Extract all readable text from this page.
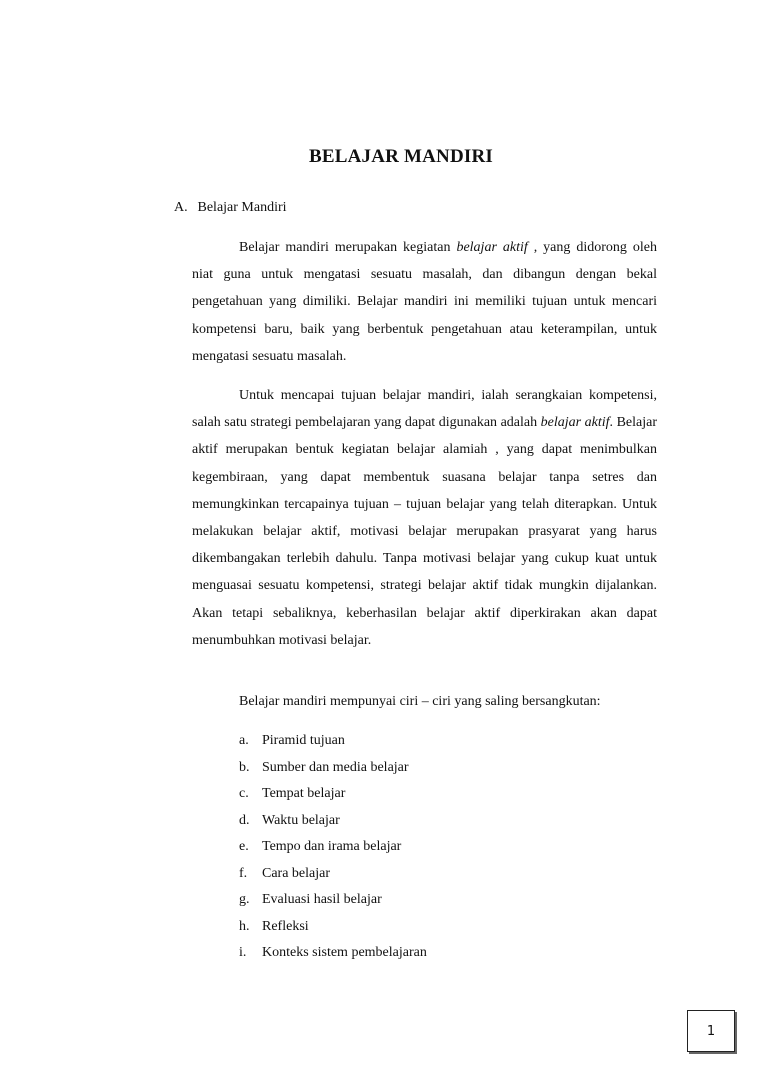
BELAJAR MANDIRI
A. Belajar Mandiri

Belajar mandiri merupakan kegiatan belajar aktif , yang didorong oleh niat guna untuk mengatasi sesuatu masalah, dan dibangun dengan bekal pengetahuan yang dimiliki. Belajar mandiri ini memiliki tujuan untuk mencari kompetensi baru, baik yang berbentuk pengetahuan atau keterampilan, untuk mengatasi sesuatu masalah.

Untuk mencapai tujuan belajar mandiri, ialah serangkaian kompetensi, salah satu strategi pembelajaran yang dapat digunakan adalah belajar aktif. Belajar aktif merupakan bentuk kegiatan belajar alamiah , yang dapat menimbulkan kegembiraan, yang dapat membentuk suasana belajar tanpa setres dan memungkinkan tercapainya tujuan – tujuan belajar yang telah diterapkan. Untuk melakukan belajar aktif, motivasi belajar merupakan prasyarat yang harus dikembangakan terlebih dahulu. Tanpa motivasi belajar yang cukup kuat untuk menguasai sesuatu kompetensi, strategi belajar aktif tidak mungkin dijalankan. Akan tetapi sebaliknya, keberhasilan belajar aktif diperkirakan akan dapat menumbuhkan motivasi belajar.

Belajar mandiri mempunyai ciri – ciri yang saling bersangkutan:

a. Piramid tujuan
b. Sumber dan media belajar
c. Tempat belajar
d. Waktu belajar
e. Tempo dan irama belajar
f. Cara belajar
g. Evaluasi hasil belajar
h. Refleksi
i. Konteks sistem pembelajaran
1
